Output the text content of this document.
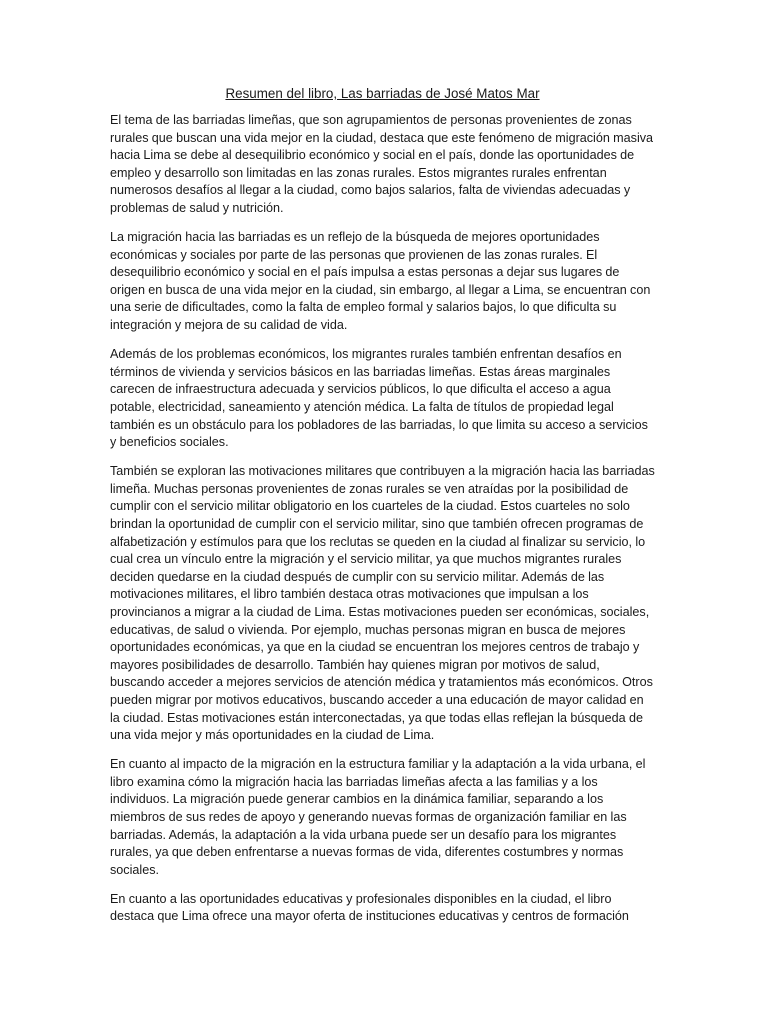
Resumen del libro, Las barriadas de José Matos Mar

El tema de las barriadas limeñas, que son agrupamientos de personas provenientes de zonas rurales que buscan una vida mejor en la ciudad, destaca que este fenómeno de migración masiva hacia Lima se debe al desequilibrio económico y social en el país, donde las oportunidades de empleo y desarrollo son limitadas en las zonas rurales. Estos migrantes rurales enfrentan numerosos desafíos al llegar a la ciudad, como bajos salarios, falta de viviendas adecuadas y problemas de salud y nutrición.

La migración hacia las barriadas es un reflejo de la búsqueda de mejores oportunidades económicas y sociales por parte de las personas que provienen de las zonas rurales. El desequilibrio económico y social en el país impulsa a estas personas a dejar sus lugares de origen en busca de una vida mejor en la ciudad, sin embargo, al llegar a Lima, se encuentran con una serie de dificultades, como la falta de empleo formal y salarios bajos, lo que dificulta su integración y mejora de su calidad de vida.

Además de los problemas económicos, los migrantes rurales también enfrentan desafíos en términos de vivienda y servicios básicos en las barriadas limeñas. Estas áreas marginales carecen de infraestructura adecuada y servicios públicos, lo que dificulta el acceso a agua potable, electricidad, saneamiento y atención médica. La falta de títulos de propiedad legal también es un obstáculo para los pobladores de las barriadas, lo que limita su acceso a servicios y beneficios sociales.

También se exploran las motivaciones militares que contribuyen a la migración hacia las barriadas limeña. Muchas personas provenientes de zonas rurales se ven atraídas por la posibilidad de cumplir con el servicio militar obligatorio en los cuarteles de la ciudad. Estos cuarteles no solo brindan la oportunidad de cumplir con el servicio militar, sino que también ofrecen programas de alfabetización y estímulos para que los reclutas se queden en la ciudad al finalizar su servicio, lo cual crea un vínculo entre la migración y el servicio militar, ya que muchos migrantes rurales deciden quedarse en la ciudad después de cumplir con su servicio militar. Además de las motivaciones militares, el libro también destaca otras motivaciones que impulsan a los provincianos a migrar a la ciudad de Lima. Estas motivaciones pueden ser económicas, sociales, educativas, de salud o vivienda. Por ejemplo, muchas personas migran en busca de mejores oportunidades económicas, ya que en la ciudad se encuentran los mejores centros de trabajo y mayores posibilidades de desarrollo. También hay quienes migran por motivos de salud, buscando acceder a mejores servicios de atención médica y tratamientos más económicos. Otros pueden migrar por motivos educativos, buscando acceder a una educación de mayor calidad en la ciudad. Estas motivaciones están interconectadas, ya que todas ellas reflejan la búsqueda de una vida mejor y más oportunidades en la ciudad de Lima.

En cuanto al impacto de la migración en la estructura familiar y la adaptación a la vida urbana, el libro examina cómo la migración hacia las barriadas limeñas afecta a las familias y a los individuos. La migración puede generar cambios en la dinámica familiar, separando a los miembros de sus redes de apoyo y generando nuevas formas de organización familiar en las barriadas. Además, la adaptación a la vida urbana puede ser un desafío para los migrantes rurales, ya que deben enfrentarse a nuevas formas de vida, diferentes costumbres y normas sociales.

En cuanto a las oportunidades educativas y profesionales disponibles en la ciudad, el libro destaca que Lima ofrece una mayor oferta de instituciones educativas y centros de formación
